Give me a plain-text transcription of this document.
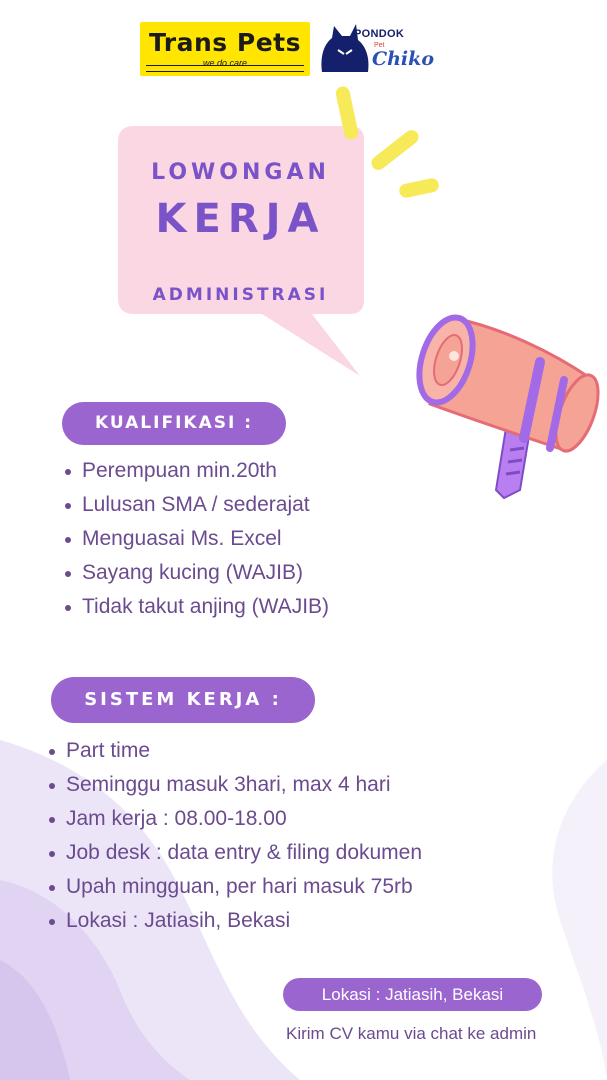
Trans Pets
we do care
PONDOK
Pet
Chiko
LOWONGAN
KERJA
ADMINISTRASI
KUALIFIKASI :
Perempuan min.20th
Lulusan SMA / sederajat
Menguasai Ms. Excel
Sayang kucing (WAJIB)
Tidak takut anjing (WAJIB)
SISTEM KERJA :
Part time
Seminggu masuk 3hari, max 4 hari
Jam kerja : 08.00-18.00
Job desk : data entry & filing dokumen
Upah mingguan, per hari masuk 75rb
Lokasi : Jatiasih, Bekasi
Lokasi : Jatiasih, Bekasi
Kirim CV kamu via chat ke admin
